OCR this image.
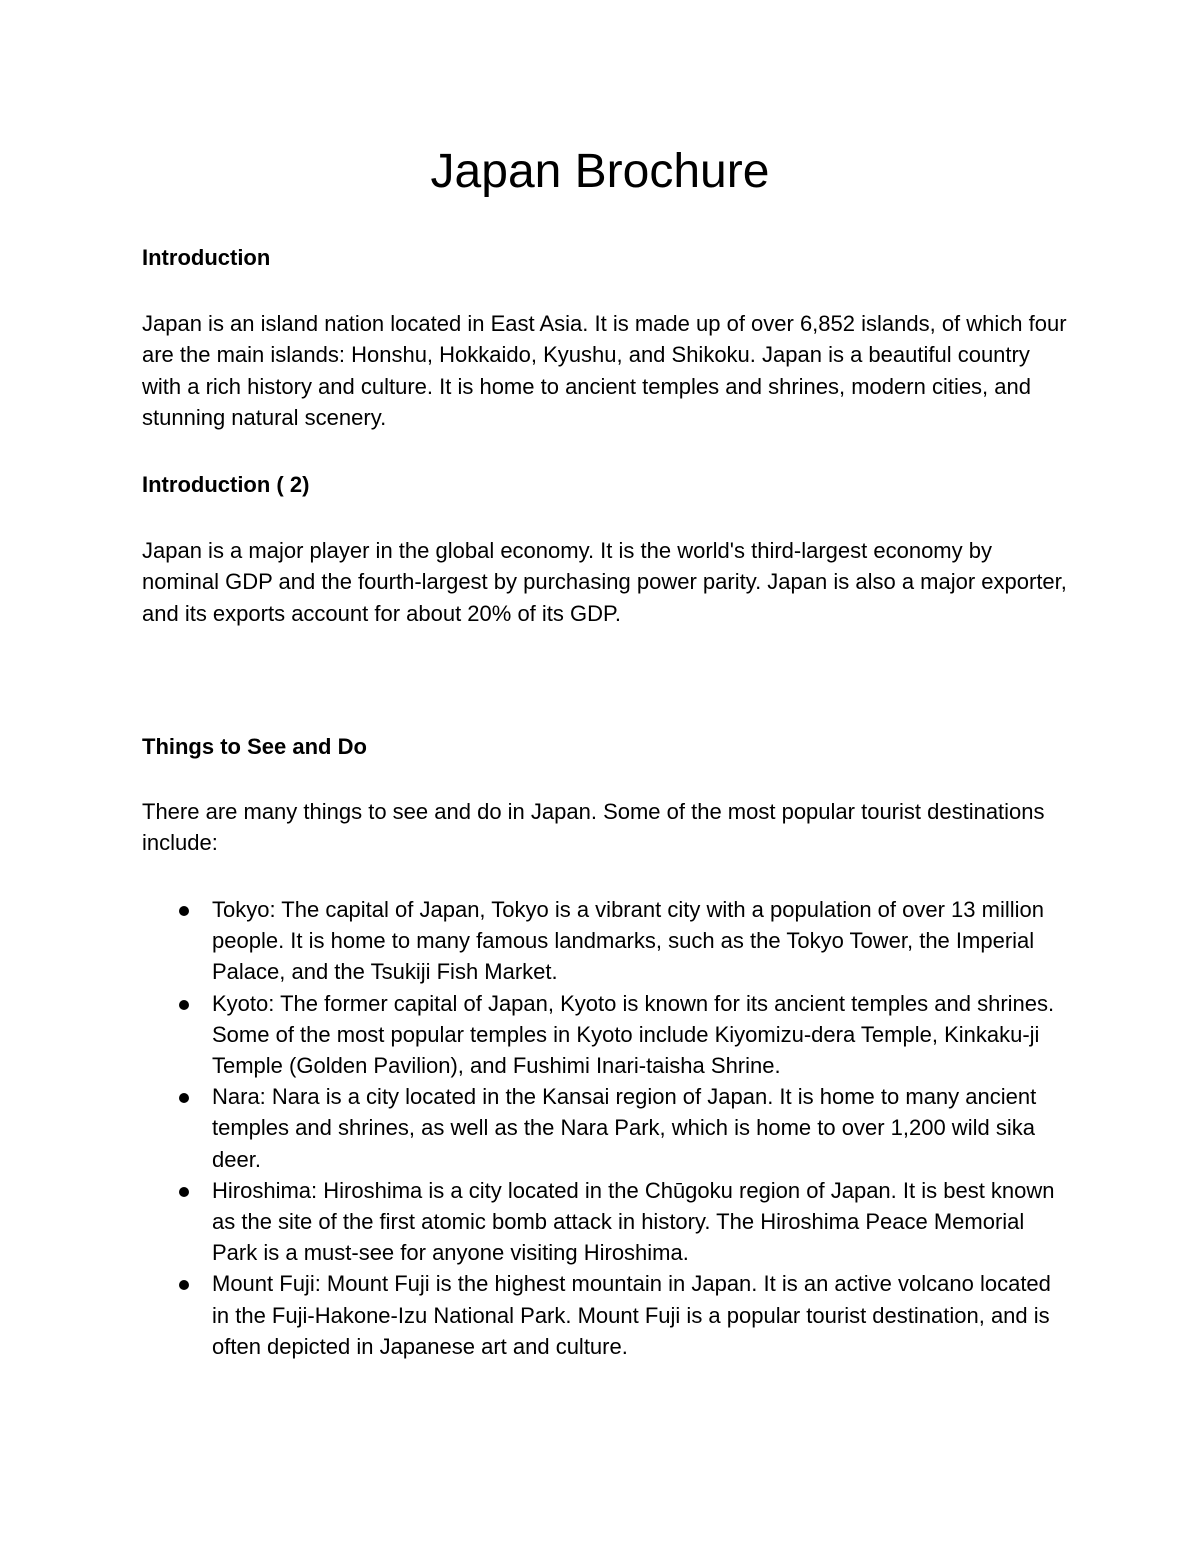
Japan Brochure
Introduction

Japan is an island nation located in East Asia. It is made up of over 6,852 islands, of which four are the main islands: Honshu, Hokkaido, Kyushu, and Shikoku. Japan is a beautiful country with a rich history and culture. It is home to ancient temples and shrines, modern cities, and stunning natural scenery.

Introduction ( 2)

Japan is a major player in the global economy. It is the world's third-largest economy by nominal GDP and the fourth-largest by purchasing power parity. Japan is also a major exporter, and its exports account for about 20% of its GDP.

Things to See and Do

There are many things to see and do in Japan. Some of the most popular tourist destinations include:

Tokyo: The capital of Japan, Tokyo is a vibrant city with a population of over 13 million people. It is home to many famous landmarks, such as the Tokyo Tower, the Imperial Palace, and the Tsukiji Fish Market.
Kyoto: The former capital of Japan, Kyoto is known for its ancient temples and shrines. Some of the most popular temples in Kyoto include Kiyomizu-dera Temple, Kinkaku-ji Temple (Golden Pavilion), and Fushimi Inari-taisha Shrine.
Nara: Nara is a city located in the Kansai region of Japan. It is home to many ancient temples and shrines, as well as the Nara Park, which is home to over 1,200 wild sika deer.
Hiroshima: Hiroshima is a city located in the Chūgoku region of Japan. It is best known as the site of the first atomic bomb attack in history. The Hiroshima Peace Memorial Park is a must-see for anyone visiting Hiroshima.
Mount Fuji: Mount Fuji is the highest mountain in Japan. It is an active volcano located in the Fuji-Hakone-Izu National Park. Mount Fuji is a popular tourist destination, and is often depicted in Japanese art and culture.
